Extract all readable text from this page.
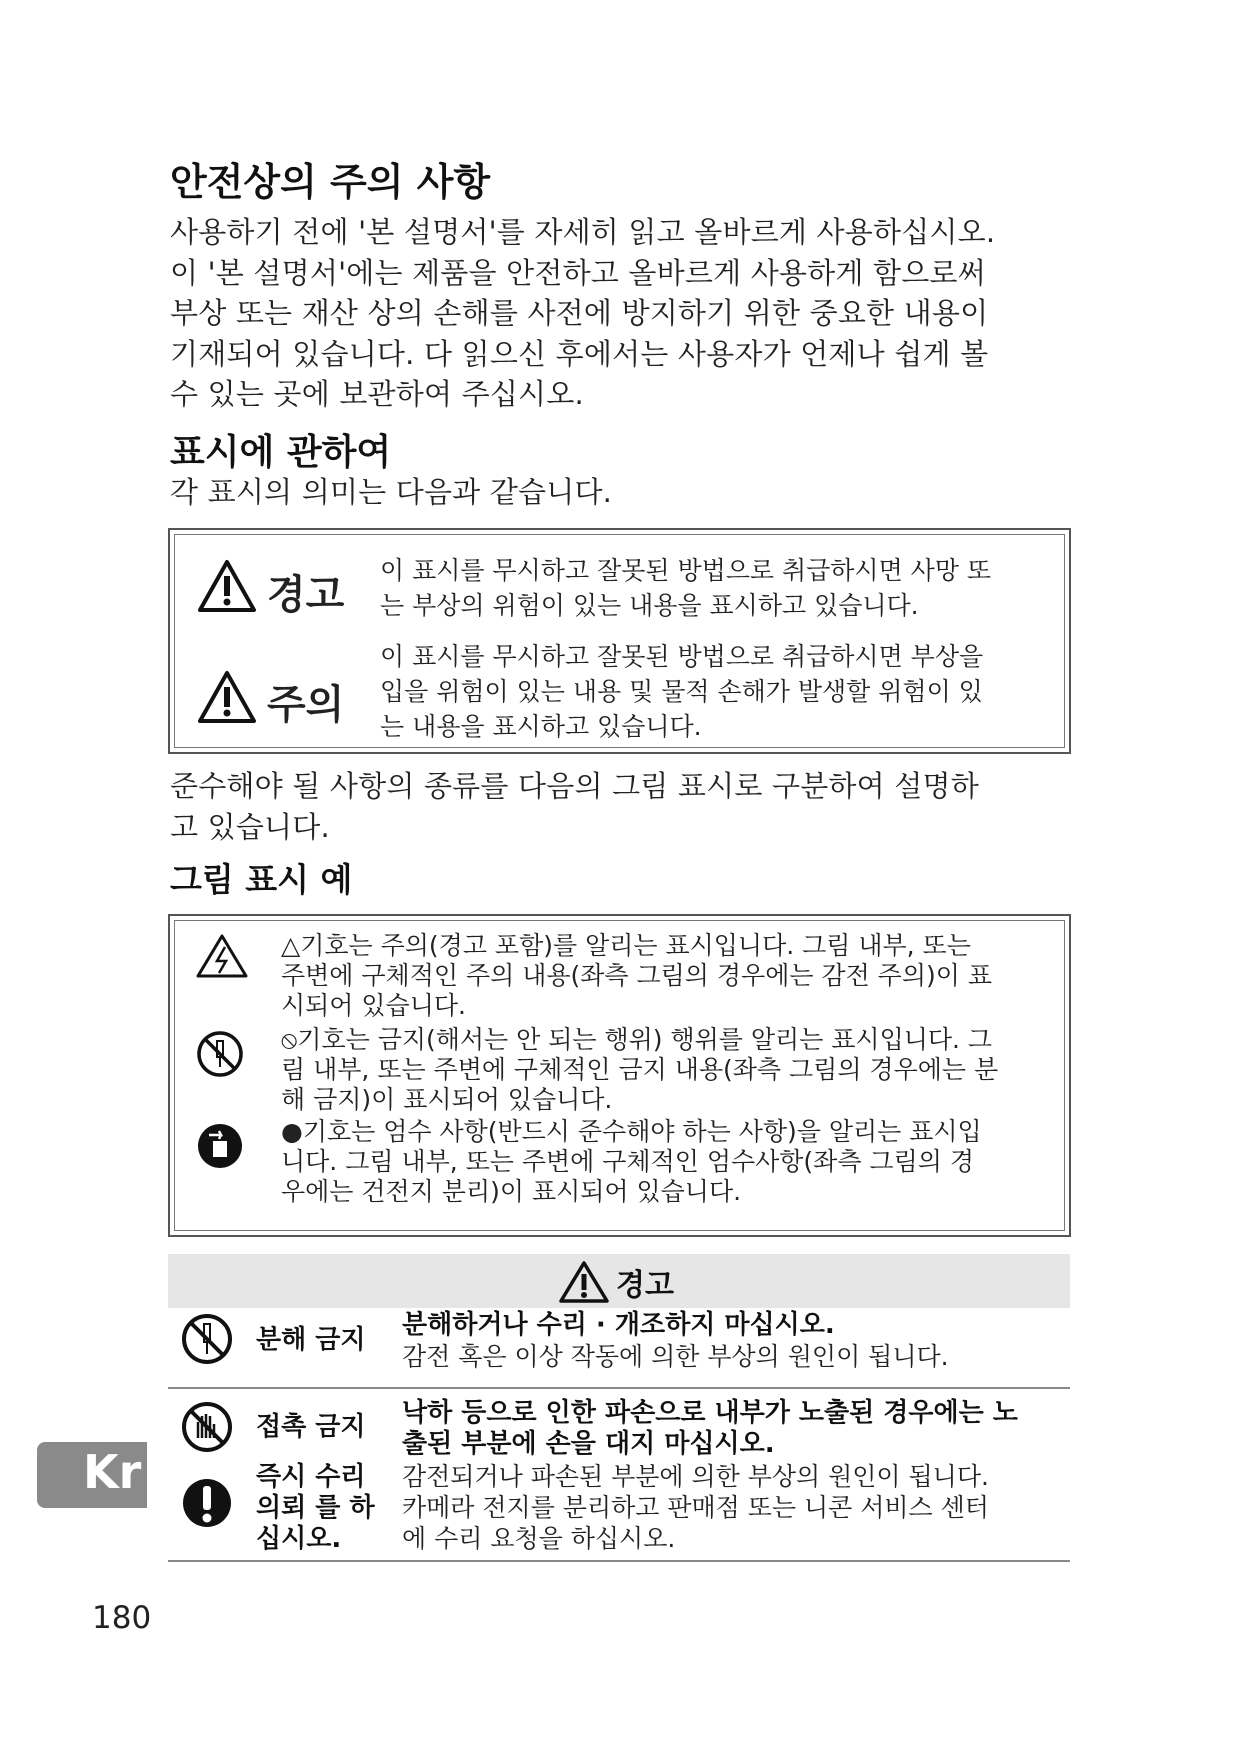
안전상의 주의 사항
사용하기 전에 '본 설명서'를 자세히 읽고 올바르게 사용하십시오.
이 '본 설명서'에는 제품을 안전하고 올바르게 사용하게 함으로써
부상 또는 재산 상의 손해를 사전에 방지하기 위한 중요한 내용이
기재되어 있습니다. 다 읽으신 후에서는 사용자가 언제나 쉽게 볼
수 있는 곳에 보관하여 주십시오.
표시에 관하여
각 표시의 의미는 다음과 같습니다.
경고
이 표시를 무시하고 잘못된 방법으로 취급하시면 사망 또
는 부상의 위험이 있는 내용을 표시하고 있습니다.
주의
이 표시를 무시하고 잘못된 방법으로 취급하시면 부상을
입을 위험이 있는 내용 및 물적 손해가 발생할 위험이 있
는 내용을 표시하고 있습니다.
준수해야 될 사항의 종류를 다음의 그림 표시로 구분하여 설명하
고 있습니다.
그림 표시 예
△기호는 주의(경고 포함)를 알리는 표시입니다. 그림 내부, 또는
주변에 구체적인 주의 내용(좌측 그림의 경우에는 감전 주의)이 표
시되어 있습니다.
⦸기호는 금지(해서는 안 되는 행위) 행위를 알리는 표시입니다. 그
림 내부, 또는 주변에 구체적인 금지 내용(좌측 그림의 경우에는 분
해 금지)이 표시되어 있습니다.
●기호는 엄수 사항(반드시 준수해야 하는 사항)을 알리는 표시입
니다. 그림 내부, 또는 주변에 구체적인 엄수사항(좌측 그림의 경
우에는 건전지 분리)이 표시되어 있습니다.
경고
분해 금지 분해하거나 수리 · 개조하지 마십시오.
감전 혹은 이상 작동에 의한 부상의 원인이 됩니다.
접촉 금지
즉시 수리
의뢰 를 하
십시오.
낙하 등으로 인한 파손으로 내부가 노출된 경우에는 노
출된 부분에 손을 대지 마십시오.
감전되거나 파손된 부분에 의한 부상의 원인이 됩니다.
카메라 전지를 분리하고 판매점 또는 니콘 서비스 센터
에 수리 요청을 하십시오.
Kr
180
